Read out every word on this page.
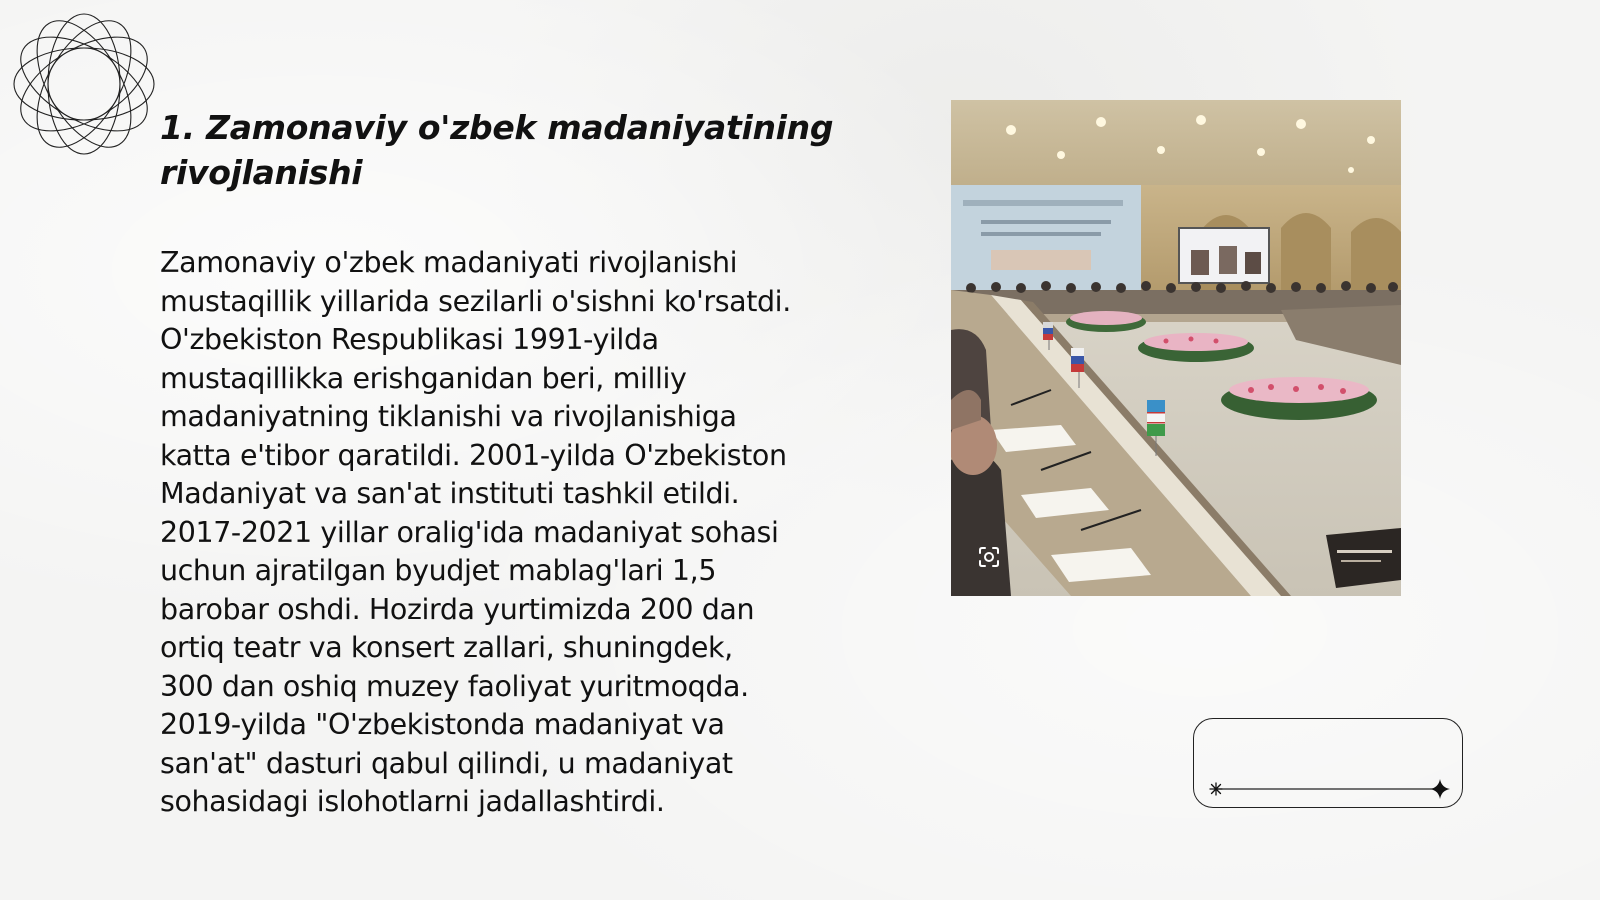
1. Zamonaviy o'zbek madaniyatining rivojlanishi

Zamonaviy o'zbek madaniyati rivojlanishi
mustaqillik yillarida sezilarli o'sishni ko'rsatdi.
O'zbekiston Respublikasi 1991-yilda
mustaqillikka erishganidan beri, milliy
madaniyatning tiklanishi va rivojlanishiga
katta e'tibor qaratildi. 2001-yilda O'zbekiston
Madaniyat va san'at instituti tashkil etildi.
2017-2021 yillar oralig'ida madaniyat sohasi
uchun ajratilgan byudjet mablag'lari 1,5
barobar oshdi. Hozirda yurtimizda 200 dan
ortiq teatr va konsert zallari, shuningdek,
300 dan oshiq muzey faoliyat yuritmoqda.
2019-yilda "O'zbekistonda madaniyat va
san'at" dasturi qabul qilindi, u madaniyat
sohasidagi islohotlarni jadallashtirdi.
